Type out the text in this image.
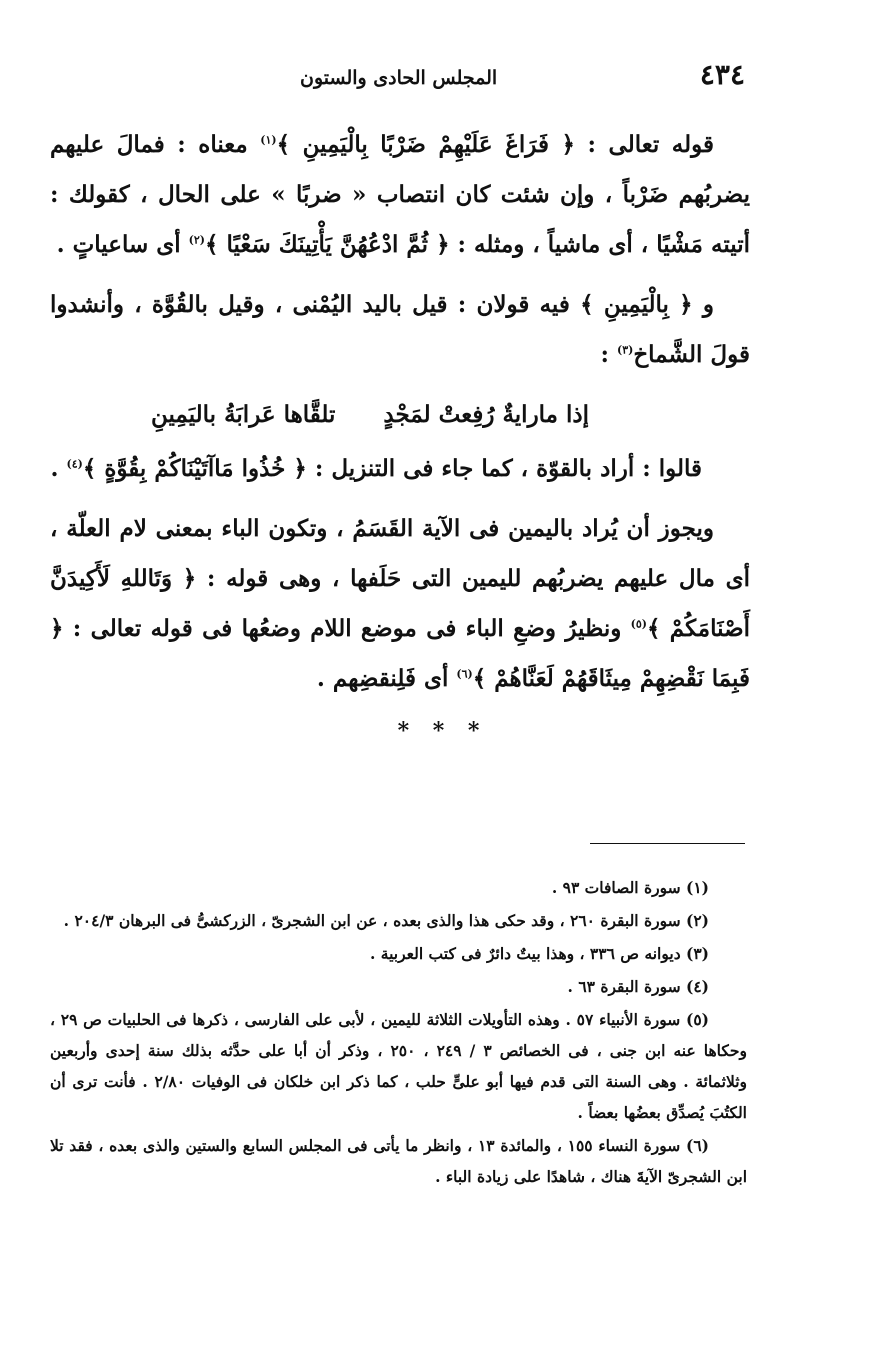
٤٣٤
المجلس الحادى والستون

قوله تعالى : ﴿ فَرَاغَ عَلَيْهِمْ ضَرْبًا بِالْيَمِينِ ﴾$^{(١)}$ معناه : فمالَ عليهم يضربُهم ضَرْباً ، وإن شئت كان انتصاب « ضربًا » على الحال ، كقولك : أتيته مَشْيًا ، أى ماشياً ، ومثله : ﴿ ثُمَّ ادْعُهُنَّ يَأْتِينَكَ سَعْيًا ﴾$^{(٢)}$ أى ساعياتٍ .

و ﴿ بِالْيَمِينِ ﴾ فيه قولان : قيل باليد اليُمْنى ، وقيل بالقُوَّة ، وأنشدوا قولَ الشَّماخ$^{(٣)}$ :

إذا مارايةٌ رُفِعتْ لمَجْدٍ
تلقَّاها عَرابَةُ باليَمِينِ

قالوا : أراد بالقوّة ، كما جاء فى التنزيل : ﴿ خُذُوا مَاآتَيْنَاكُمْ بِقُوَّةٍ ﴾$^{(٤)}$ .

ويجوز أن يُراد باليمين فى الآية القَسَمُ ، وتكون الباء بمعنى لام العلّة ، أى مال عليهم يضربُهم لليمين التى حَلَفها ، وهى قوله : ﴿ وَتَاللهِ لَأَكِيدَنَّ أَصْنَامَكُمْ ﴾$^{(٥)}$ ونظيرُ وضعِ الباء فى موضع اللام وضعُها فى قوله تعالى : ﴿ فَبِمَا نَقْضِهِمْ مِيثَاقَهُمْ لَعَنَّاهُمْ ﴾$^{(٦)}$ أى فَلِنقضِهم .

* * *

(١) سورة الصافات ٩٣ .

(٢) سورة البقرة ٢٦٠ ، وقد حكى هذا والذى بعده ، عن ابن الشجرىّ ، الزركشىُّ فى البرهان ٢٠٤/٣ .

(٣) ديوانه ص ٣٣٦ ، وهذا بيتٌ دائرٌ فى كتب العربية .

(٤) سورة البقرة ٦٣ .

(٥) سورة الأنبياء ٥٧ . وهذه التأويلات الثلاثة لليمين ، لأبى على الفارسى ، ذكرها فى الحلبيات ص ٢٩ ، وحكاها عنه ابن جنى ، فى الخصائص ٣ / ٢٤٩ ، ٢٥٠ ، وذكر أن أبا على حدَّثه بذلك سنة إحدى وأربعين وثلاثمائة . وهى السنة التى قدم فيها أبو علىٍّ حلب ، كما ذكر ابن خلكان فى الوفيات ٢/٨٠ . فأنت ترى أن الكتُبَ يُصدِّق بعضُها بعضاً .

(٦) سورة النساء ١٥٥ ، والمائدة ١٣ ، وانظر ما يأتى فى المجلس السابع والستين والذى بعده ، فقد تلا ابن الشجرىّ الآيةَ هناك ، شاهدًا على زيادة الباء .
